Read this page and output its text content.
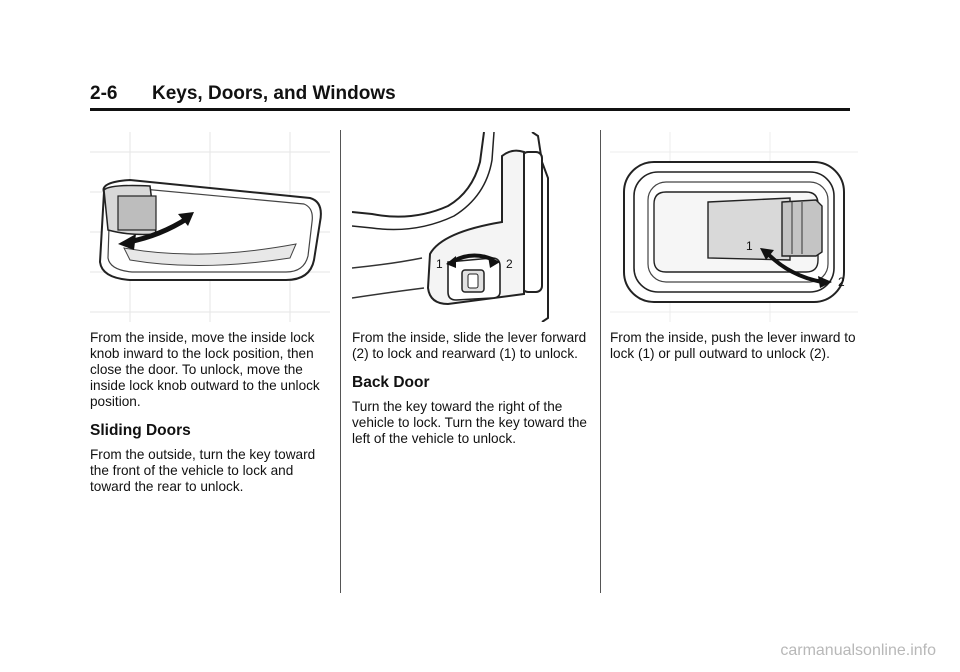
2-6 Keys, Doors, and Windows

From the inside, move the inside lock knob inward to the lock position, then close the door. To unlock, move the inside lock knob outward to the unlock position.

Sliding Doors

From the outside, turn the key toward the front of the vehicle to lock and toward the rear to unlock.

1	2

From the inside, slide the lever forward (2) to lock and rearward (1) to unlock.

Back Door

Turn the key toward the right of the vehicle to lock. Turn the key toward the left of the vehicle to unlock.

1
2

From the inside, push the lever inward to lock (1) or pull outward to unlock (2).

carmanualsonline.info
